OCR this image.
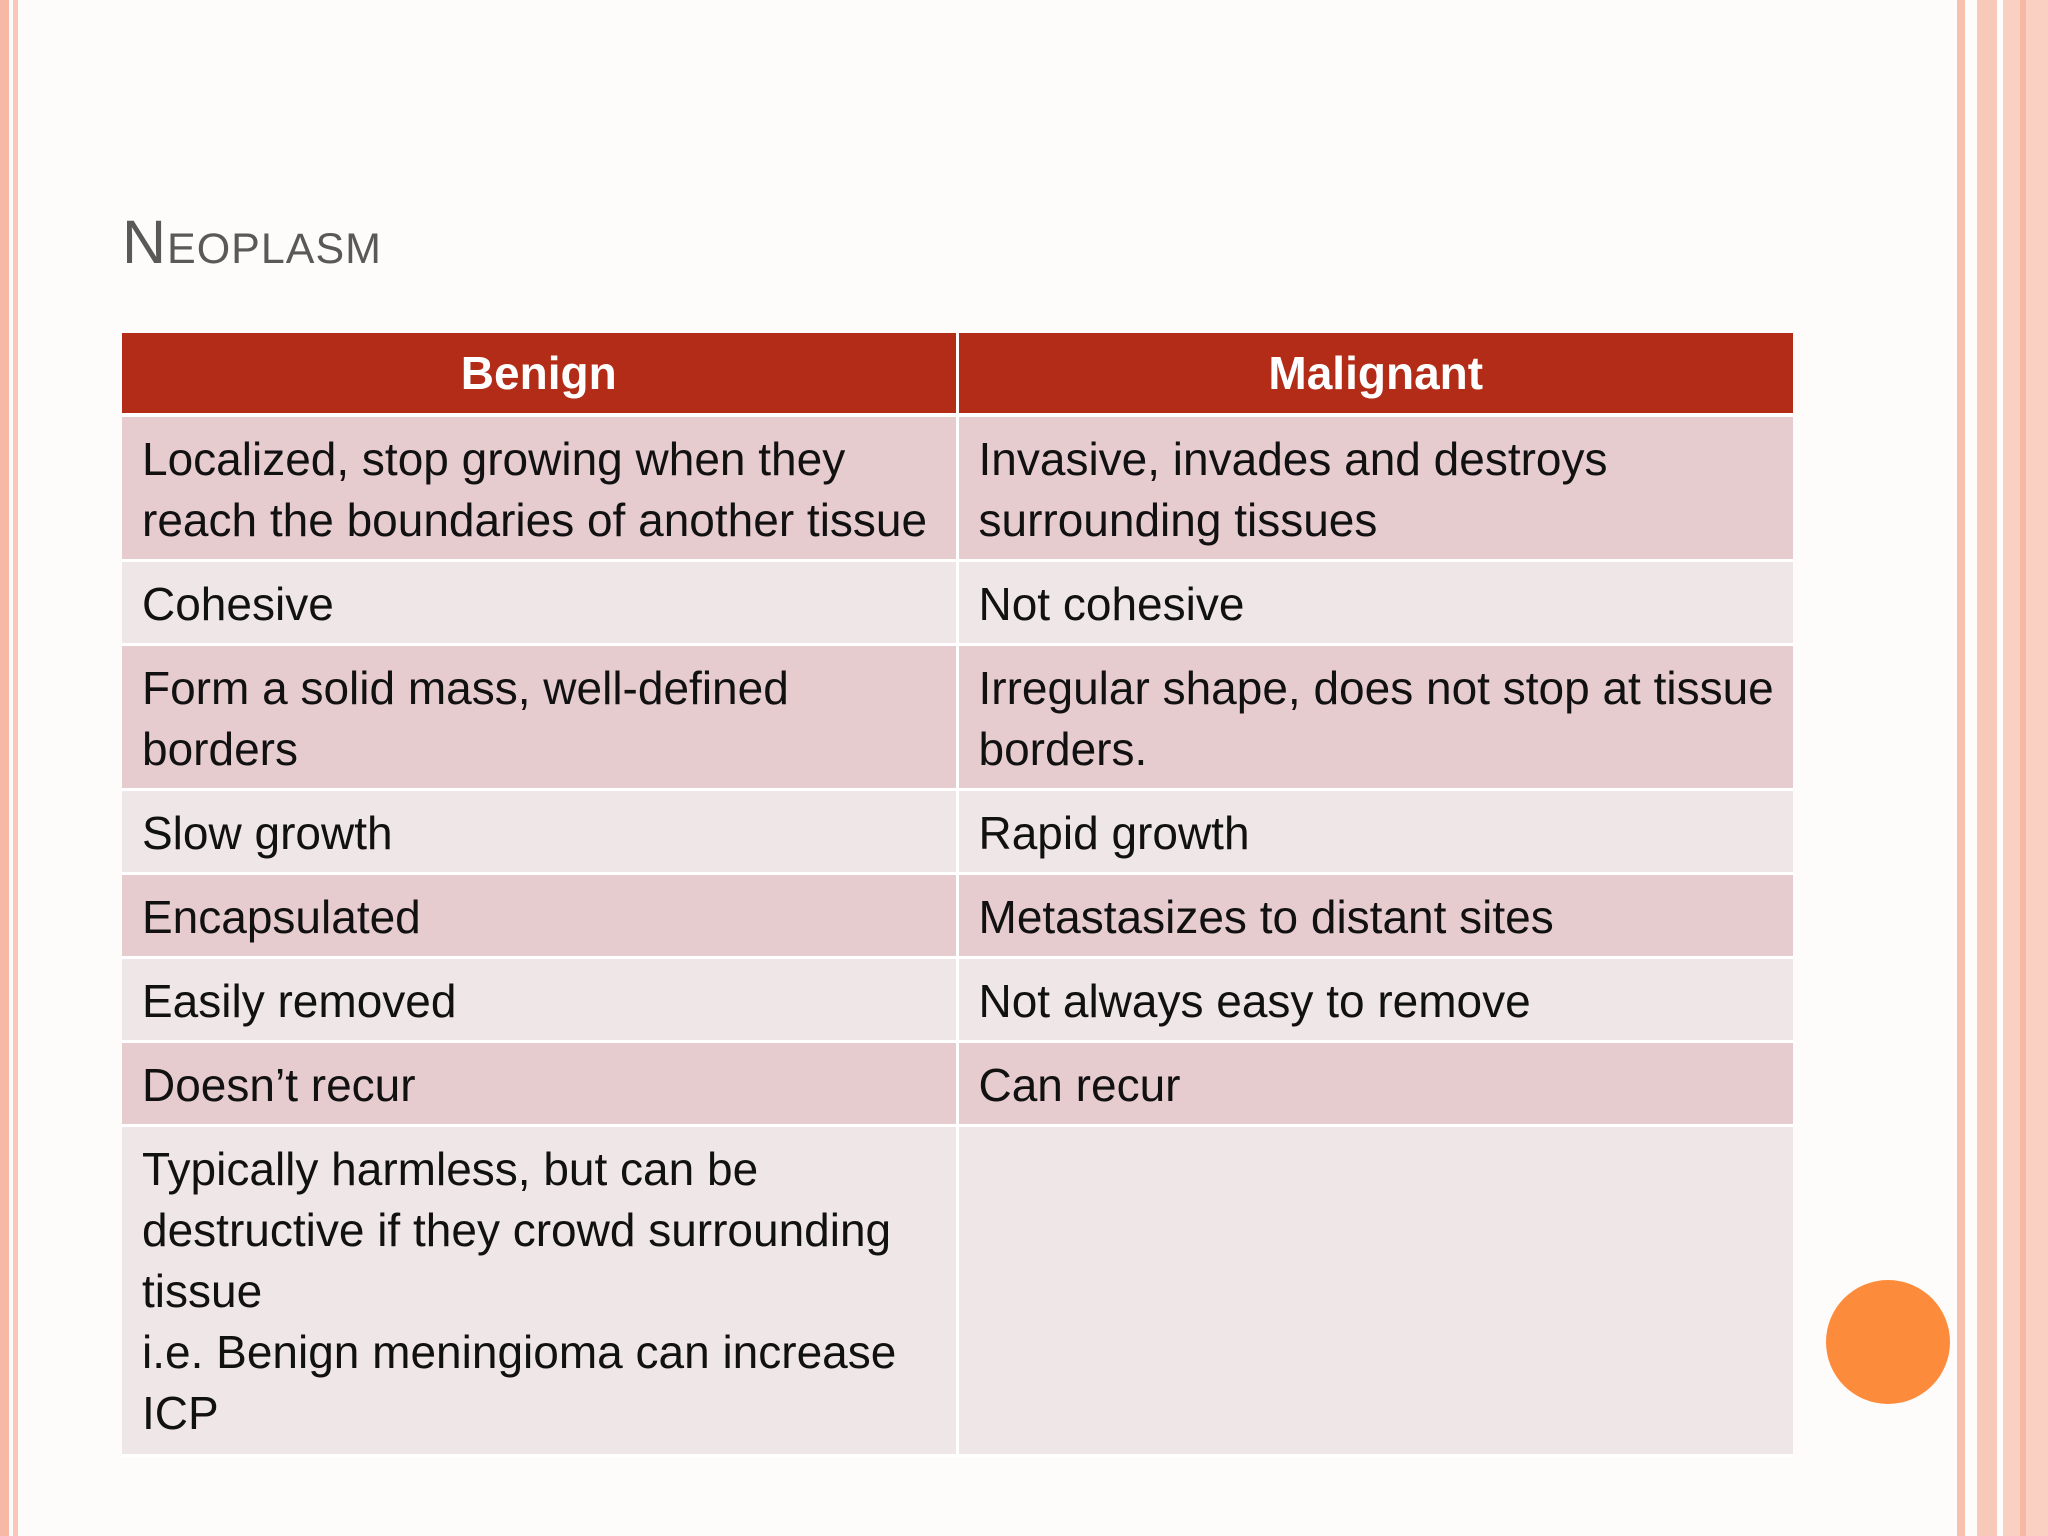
Neoplasm
Benign	Malignant
Localized, stop growing when they reach the boundaries of another tissue	Invasive, invades and destroys surrounding tissues
Cohesive	Not cohesive
Form a solid mass, well-defined borders	Irregular shape, does not stop at tissue borders.
Slow growth	Rapid growth
Encapsulated	Metastasizes to distant sites
Easily removed	Not always easy to remove
Doesn’t recur	Can recur
Typically harmless, but can be destructive if they crowd surrounding tissue
i.e. Benign meningioma can increase ICP	
